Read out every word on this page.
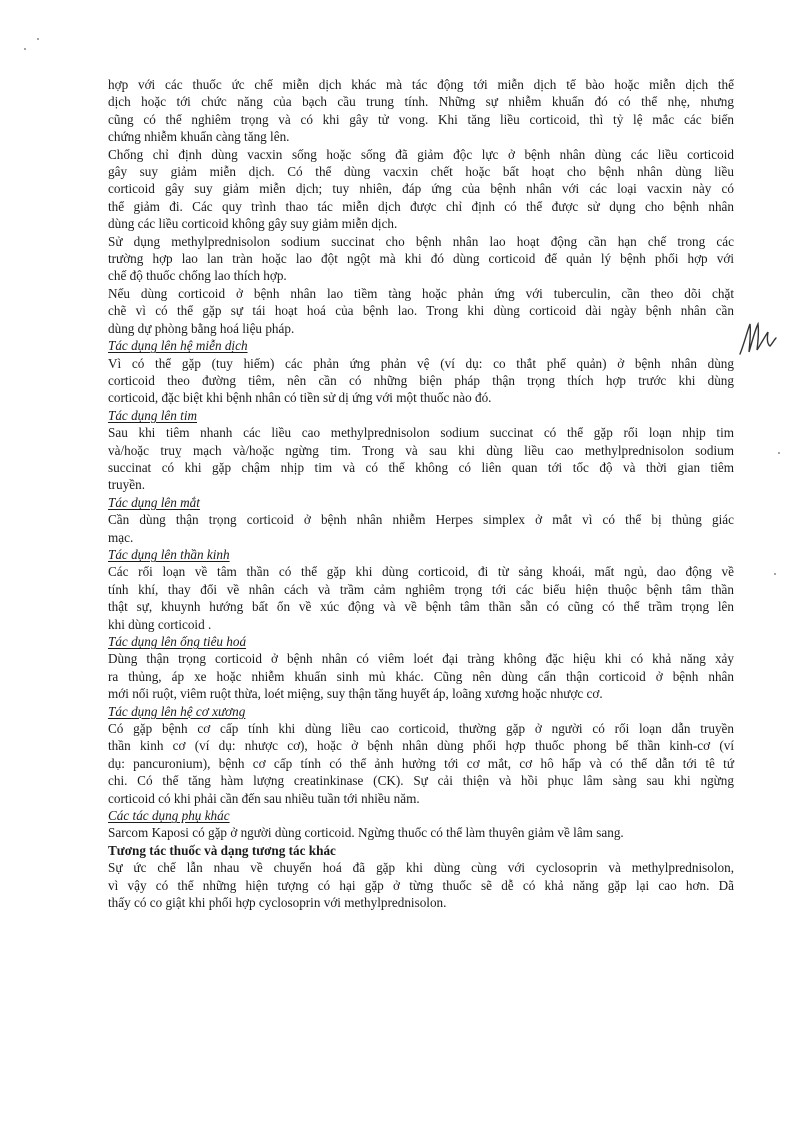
hợp với các thuốc ức chế miễn dịch khác mà tác động tới miễn dịch tế bào hoặc miễn dịch thể
dịch hoặc tới chức năng của bạch cầu trung tính. Những sự nhiễm khuẩn đó có thể nhẹ, nhưng
cũng có thể nghiêm trọng và có khi gây tử vong. Khi tăng liều corticoid, thì tỷ lệ mắc các biến
chứng nhiễm khuẩn càng tăng lên.
Chống chỉ định dùng vacxin sống hoặc sống đã giảm độc lực ở bệnh nhân dùng các liều corticoid
gây suy giảm miễn dịch. Có thể dùng vacxin chết hoặc bất hoạt cho bệnh nhân dùng liều
corticoid gây suy giảm miễn dịch; tuy nhiên, đáp ứng của bệnh nhân với các loại vacxin này có
thể giảm đi. Các quy trình thao tác miễn dịch được chỉ định có thể được sử dụng cho bệnh nhân
dùng các liều corticoid không gây suy giảm miễn dịch.
Sử dụng methylprednisolon sodium succinat cho bệnh nhân lao hoạt động cần hạn chế trong các
trường hợp lao lan tràn hoặc lao đột ngột mà khi đó dùng corticoid để quản lý bệnh phối hợp với
chế độ thuốc chống lao thích hợp.
Nếu dùng corticoid ở bệnh nhân lao tiềm tàng hoặc phản ứng với tuberculin, cần theo dõi chặt
chẽ vì có thể gặp sự tái hoạt hoá của bệnh lao. Trong khi dùng corticoid dài ngày bệnh nhân cần
dùng dự phòng bằng hoá liệu pháp.
Tác dụng lên hệ miễn dịch
Vì có thể gặp (tuy hiếm) các phản ứng phản vệ (ví dụ: co thắt phế quản) ở bệnh nhân dùng
corticoid theo đường tiêm, nên cần có những biện pháp thận trọng thích hợp trước khi dùng
corticoid, đặc biệt khi bệnh nhân có tiền sử dị ứng với một thuốc nào đó.
Tác dụng lên tim
Sau khi tiêm nhanh các liều cao methylprednisolon sodium succinat có thể gặp rối loạn nhịp tim
và/hoặc truỵ mạch và/hoặc ngừng tim. Trong và sau khi dùng liều cao methylprednisolon sodium
succinat có khi gặp chậm nhịp tim và có thể không có liên quan tới tốc độ và thời gian tiêm
truyền.
Tác dụng lên mắt
Cần dùng thận trọng corticoid ở bệnh nhân nhiễm Herpes simplex ở mắt vì có thể bị thủng giác
mạc.
Tác dụng lên thần kinh
Các rối loạn về tâm thần có thể gặp khi dùng corticoid, đi từ sảng khoái, mất ngủ, dao động về
tính khí, thay đổi về nhân cách và trầm cảm nghiêm trọng tới các biểu hiện thuộc bệnh tâm thần
thật sự, khuynh hướng bất ổn về xúc động và về bệnh tâm thần sẵn có cũng có thể trầm trọng lên
khi dùng corticoid .
Tác dụng lên ống tiêu hoá
Dùng thận trọng corticoid ở bệnh nhân có viêm loét đại tràng không đặc hiệu khi có khả năng xảy
ra thủng, áp xe hoặc nhiễm khuẩn sinh mủ khác. Cũng nên dùng cẩn thận corticoid ở bệnh nhân
mới nối ruột, viêm ruột thừa, loét miệng, suy thận tăng huyết áp, loãng xương hoặc nhược cơ.
Tác dụng lên hệ cơ xương
Có gặp bệnh cơ cấp tính khi dùng liều cao corticoid, thường gặp ở người có rối loạn dẫn truyền
thần kinh cơ (ví dụ: nhược cơ), hoặc ở bệnh nhân dùng phối hợp thuốc phong bế thần kinh-cơ (ví
dụ: pancuronium), bệnh cơ cấp tính có thể ảnh hưởng tới cơ mắt, cơ hô hấp và có thể dẫn tới tê tứ
chi. Có thể tăng hàm lượng creatinkinase (CK). Sự cải thiện và hồi phục lâm sàng sau khi ngừng
corticoid có khi phải cần đến sau nhiều tuần tới nhiều năm.
Các tác dụng phụ khác
Sarcom Kaposi có gặp ở người dùng corticoid. Ngừng thuốc có thể làm thuyên giảm về lâm sang.
Tương tác thuốc và dạng tương tác khác
Sự ức chế lẫn nhau về chuyển hoá đã gặp khi dùng cùng với cyclosoprin và methylprednisolon,
vì vậy có thể những hiện tượng có hại gặp ở từng thuốc sẽ dễ có khả năng gặp lại cao hơn. Dã
thấy có co giật khi phối hợp cyclosoprin với methylprednisolon.
